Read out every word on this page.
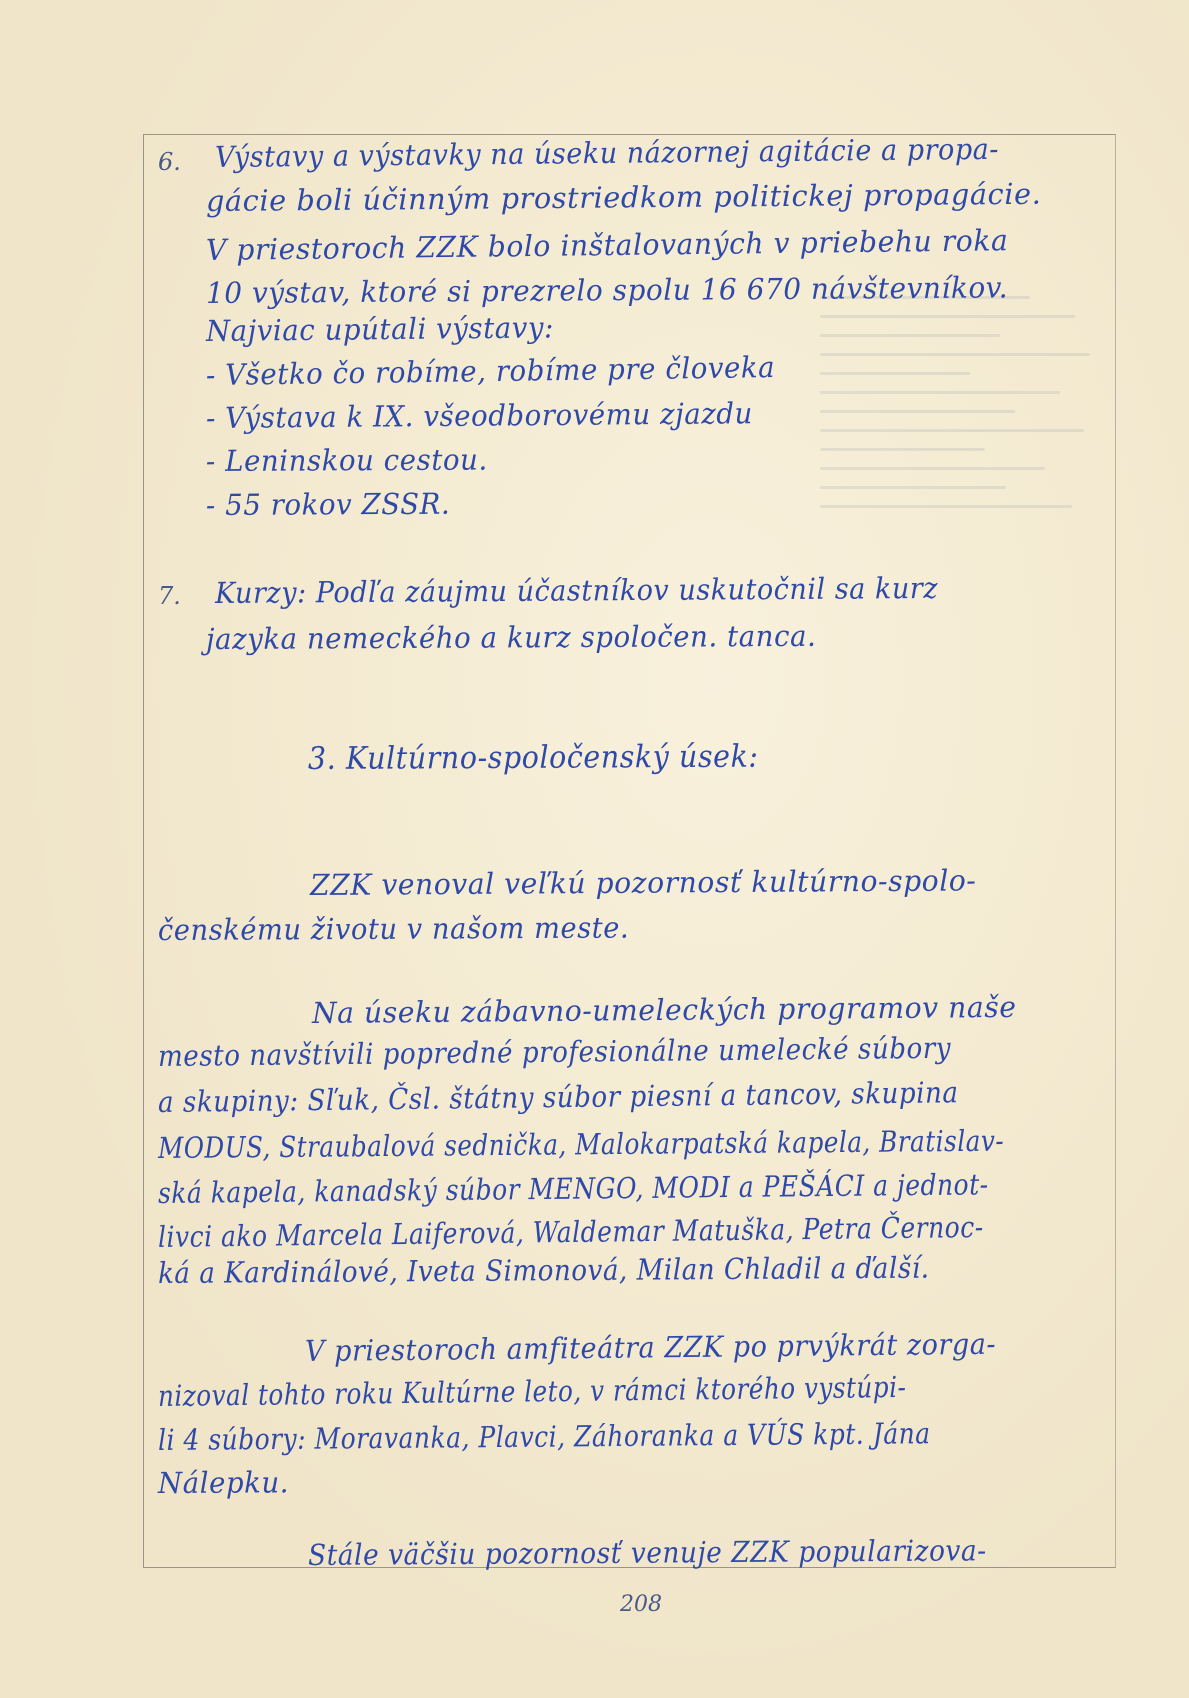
6. Výstavy a výstavky na úseku názornej agitácie a propa-

gácie boli účinným prostriedkom politickej propagácie.

V priestoroch ZZK bolo inštalovaných v priebehu roka

10 výstav, ktoré si prezrelo spolu 16 670 návštevníkov.

Najviac upútali výstavy:

- Všetko čo robíme, robíme pre človeka

- Výstava k IX. všeodborovému zjazdu

- Leninskou cestou.

- 55 rokov ZSSR.

7. Kurzy: Podľa záujmu účastníkov uskutočnil sa kurz

jazyka nemeckého a kurz spoločen. tanca.

3. Kultúrno-spoločenský úsek:

ZZK venoval veľkú pozornosť kultúrno-spolo-

čenskému životu v našom meste.

Na úseku zábavno-umeleckých programov naše

mesto navštívili popredné profesionálne umelecké súbory

a skupiny: Sľuk, Čsl. štátny súbor piesní a tancov, skupina

MODUS, Straubalová sednička, Malokarpatská kapela, Bratislav-

ská kapela, kanadský súbor MENGO, MODI a PEŠÁCI a jednot-

livci ako Marcela Laiferová, Waldemar Matuška, Petra Černoc-

ká a Kardinálové, Iveta Simonová, Milan Chladil a ďalší.

V priestoroch amfiteátra ZZK po prvýkrát zorga-

nizoval tohto roku Kultúrne leto, v rámci ktorého vystúpi-

li 4 súbory: Moravanka, Plavci, Záhoranka a VÚS kpt. Jána

Nálepku.

Stále väčšiu pozornosť venuje ZZK popularizova-

208
